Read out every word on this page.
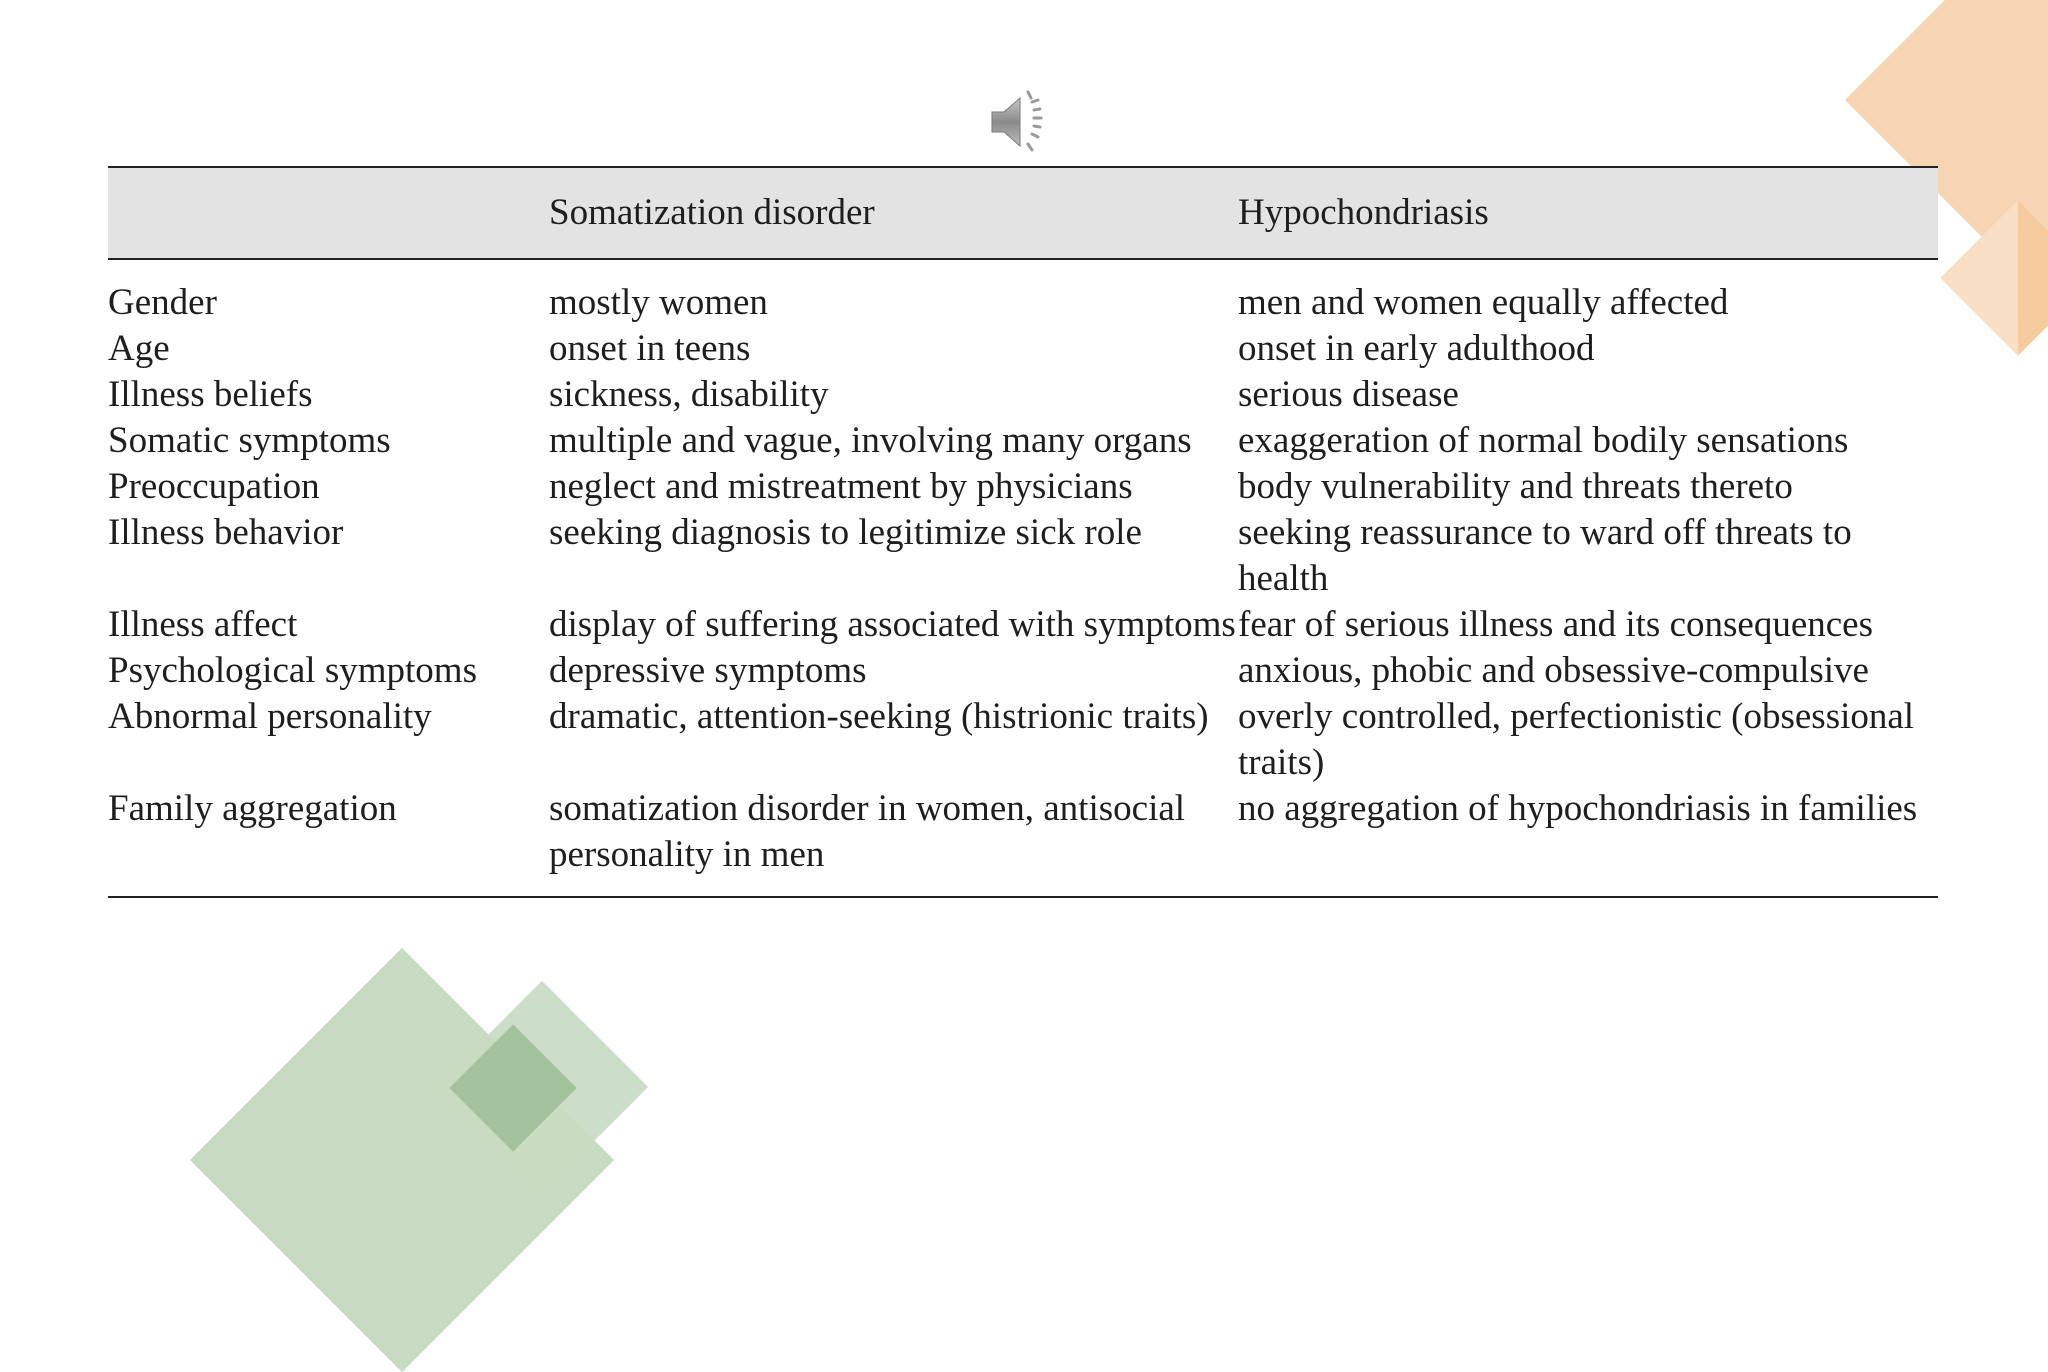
	Somatization disorder	Hypochondriasis
Gender	mostly women	men and women equally affected
Age	onset in teens	onset in early adulthood
Illness beliefs	sickness, disability	serious disease
Somatic symptoms	multiple and vague, involving many organs	exaggeration of normal bodily sensations
Preoccupation	neglect and mistreatment by physicians	body vulnerability and threats thereto
Illness behavior	seeking diagnosis to legitimize sick role	seeking reassurance to ward off threats to health
Illness affect	display of suffering associated with symptoms	fear of serious illness and its consequences
Psychological symptoms	depressive symptoms	anxious, phobic and obsessive-compulsive
Abnormal personality	dramatic, attention-seeking (histrionic traits)	overly controlled, perfectionistic (obsessional traits)
Family aggregation	somatization disorder in women, antisocial personality in men	no aggregation of hypochondriasis in families
